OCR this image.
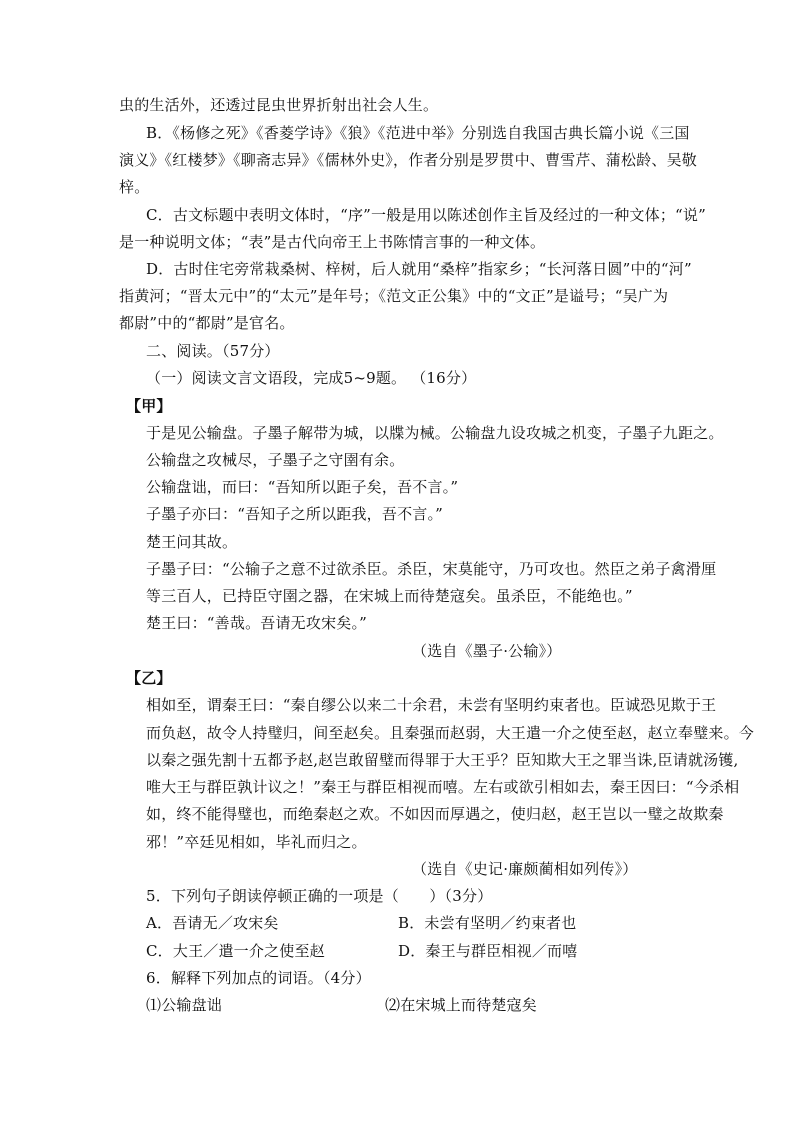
虫的生活外，还透过昆虫世界折射出社会人生。
B．《杨修之死》《香菱学诗》《狼》《范进中举》分别选自我国古典长篇小说《三国
演义》《红楼梦》《聊斋志异》《儒林外史》，作者分别是罗贯中、曹雪芹、蒲松龄、吴敬
梓。
C．古文标题中表明文体时，“序”一般是用以陈述创作主旨及经过的一种文体；“说”
是一种说明文体；“表”是古代向帝王上书陈情言事的一种文体。
D．古时住宅旁常栽桑树、梓树，后人就用“桑梓”指家乡；“长河落日圆”中的“河”
指黄河；“晋太元中”的“太元”是年号；《范文正公集》中的“文正”是谥号；“吴广为
都尉”中的“都尉”是官名。
二、阅读。（57分）
（一）阅读文言文语段，完成5~9题。 （16分）
【甲】
于是见公输盘。子墨子解带为城，以牒为械。公输盘九设攻城之机变，子墨子九距之。
公输盘之攻械尽，子墨子之守圉有余。
公输盘诎，而曰：“吾知所以距子矣，吾不言。”
子墨子亦曰：“吾知子之所以距我，吾不言。”
楚王问其故。
子墨子曰：“公输子之意不过欲杀臣。杀臣，宋莫能守，乃可攻也。然臣之弟子禽滑厘
等三百人，已持臣守圉之器，在宋城上而待楚寇矣。虽杀臣，不能绝也。”
楚王曰：“善哉。吾请无攻宋矣。”
（选自《墨子·公输》）
【乙】
相如至，谓秦王曰：“秦自缪公以来二十余君，未尝有坚明约束者也。臣诚恐见欺于王
而负赵，故令人持璧归，间至赵矣。且秦强而赵弱，大王遣一介之使至赵，赵立奉璧来。今
以秦之强先割十五都予赵,赵岂敢留璧而得罪于大王乎？臣知欺大王之罪当诛,臣请就汤镬,
唯大王与群臣孰计议之！”秦王与群臣相视而嘻。左右或欲引相如去，秦王因曰：“今杀相
如，终不能得璧也，而绝秦赵之欢。不如因而厚遇之，使归赵，赵王岂以一璧之故欺秦
邪！”卒廷见相如，毕礼而归之。
（选自《史记·廉颇蔺相如列传》）
5．下列句子朗读停顿正确的一项是（　　）（3分）
A．吾请无／攻宋矣	B．未尝有坚明／约束者也
C．大王／遣一介之使至赵	D．秦王与群臣相视／而嘻
6．解释下列加点的词语。（4分）
⑴公输盘诎	⑵在宋城上而待楚寇矣
